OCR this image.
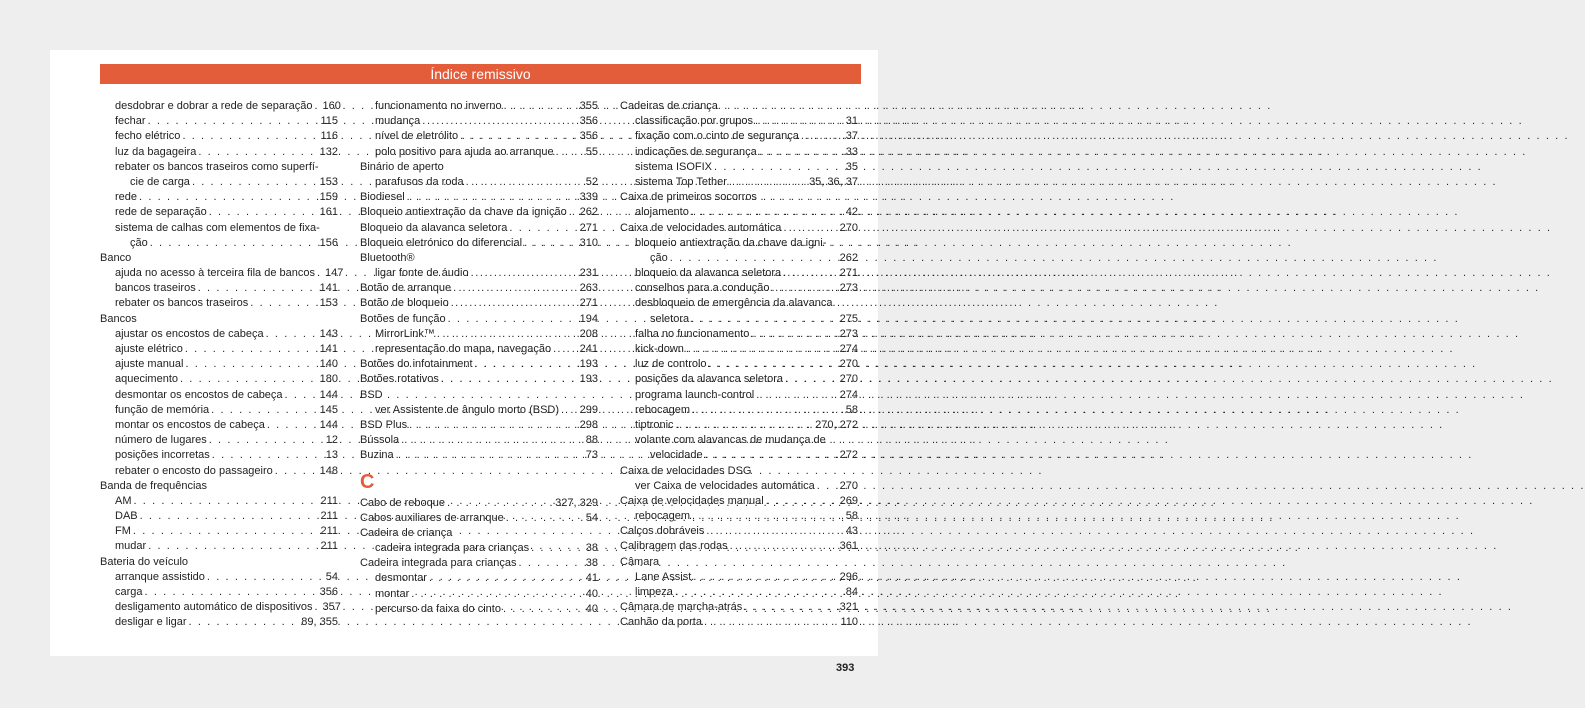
Índice remissivo
desdobrar e dobrar a rede de separação . . . 160
fechar . . .	115
fecho elétrico . . .	116
luz da bagageira . . .	132
rebater os bancos traseiros como superfí-
cie de carga . . .	153
rede . . .	159
rede de separação . . .	161
sistema de calhas com elementos de fixa-
ção . . .	156
Banco
ajuda no acesso à terceira fila de bancos . . . 147
bancos traseiros . . .	141
rebater os bancos traseiros . . .	153
Bancos
ajustar os encostos de cabeça . . .	143
ajuste elétrico . . .	141
ajuste manual . . .	140
aquecimento . . .	180
desmontar os encostos de cabeça . . .	144
função de memória . . .	145
montar os encostos de cabeça . . .	144
número de lugares . . .	12
posições incorretas . . .	13
rebater o encosto do passageiro . . .	148
Banda de frequências
AM . . .	211
DAB . . .	211
FM . . .	211
mudar . . .	211
Bateria do veículo
arranque assistido . . .	54
carga . . .	356
desligamento automático de dispositivos . . . 357
desligar e ligar . . .	89, 355
funcionamento no inverno . . .	355
mudança . . .	356
nível de eletrólito . . .	356
polo positivo para ajuda ao arranque . . .	55
Binário de aperto
parafusos da roda . . .	52
Biodiesel . . .	339
Bloqueio antiextração da chave da ignição . . . 262
Bloqueio da alavanca seletora . . .	271
Bloqueio eletrónico do diferencial . . .	310
Bluetooth®
ligar fonte de áudio . . .	231
Botão de arranque . . .	263
Botão de bloqueio . . .	271
Botões de função . . .	194
MirrorLink™ . . .	208
representação do mapa, navegação . . .	241
Botões do infotainment . . .	193
Botões rotativos . . .	193
BSD
ver Assistente de ângulo morto (BSD) . . . 299
BSD Plus . . .	298
Bússola . . .	88
Buzina . . .	73
C
Cabo de reboque . . .	327, 329
Cabos auxiliares de arranque . . .	54
Cadeira de criança
cadeira integrada para crianças . . .	38
Cadeira integrada para crianças . . .	38
desmontar . . .	41
montar . . .	40
percurso da faixa do cinto . . .	40
Cadeiras de criança
classificação por grupos . . .	31
fixação com o cinto de segurança . . .	37
indicações de segurança . . .	33
sistema ISOFIX . . .	35
sistema Top Tether . . .	35, 36, 37
Caixa de primeiros socorros
alojamento . . .	42
Caixa de velocidades automática . . .	270
bloqueio antiextração da chave da igni-
ção . . .	262
bloqueio da alavanca seletora . . .	271
conselhos para a condução . . .	273
desbloqueio de emergência da alavanca
seletora . . .	275
falha no funcionamento . . .	273
kick-down . . .	274
luz de controlo . . .	270
posições da alavanca seletora . . .	270
programa launch-control . . .	274
rebocagem . . .	58
tiptronic . . .	270, 272
volante com alavancas de mudança de
velocidade . . .	272
Caixa de velocidades DSG
ver Caixa de velocidades automática . . . 270
Caixa de velocidades manual . . .	269
rebocagem . . .	58
Calços dobráveis . . .	43
Calibragem das rodas . . .	361
Câmara
Lane Assist . . .	296
limpeza . . .	84
Câmara de marcha-atrás . . .	321
Canhão da porta . . .	110
393
